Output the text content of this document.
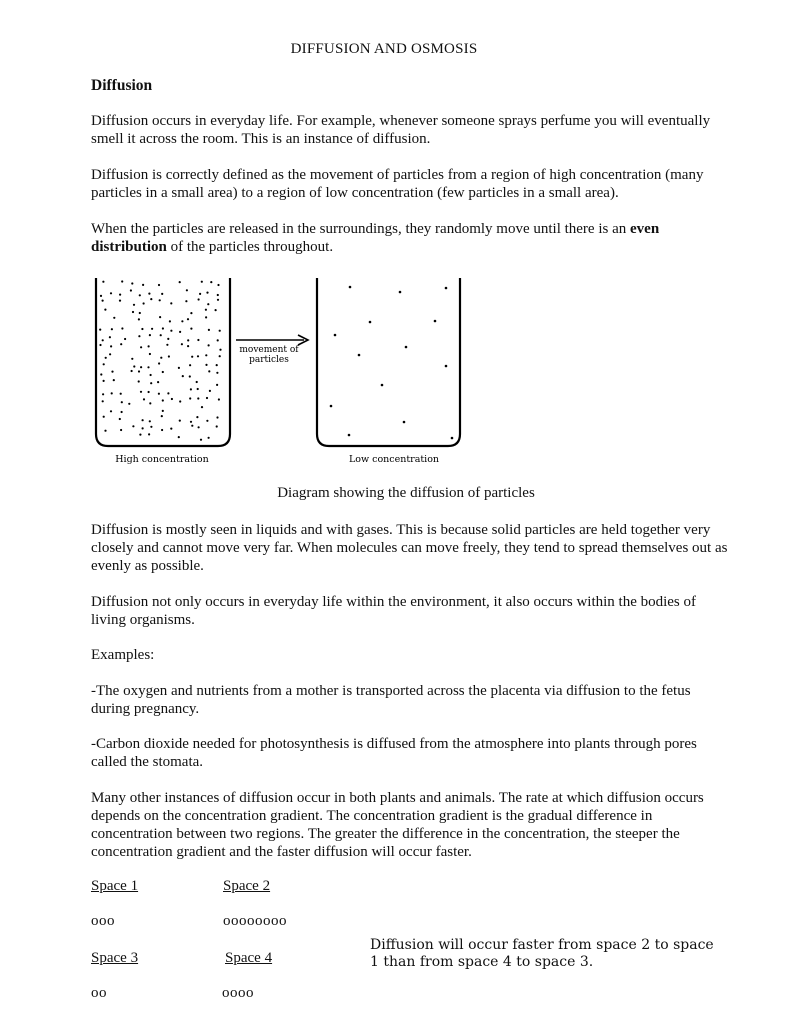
DIFFUSION AND OSMOSIS
Diffusion

Diffusion occurs in everyday life. For example, whenever someone sprays perfume you will eventually smell it across the room. This is an instance of diffusion.

Diffusion is correctly defined as the movement of particles from a region of high concentration (many particles in a small area) to a region of low concentration (few particles in a small area).

When the particles are released in the surroundings, they randomly move until there is an even distribution of the particles throughout.

movement of
particles
High concentration	Low concentration

Diagram showing the diffusion of particles

Diffusion is mostly seen in liquids and with gases. This is because solid particles are held together very closely and cannot move very far. When molecules can move freely, they tend to spread themselves out as evenly as possible.

Diffusion not only occurs in everyday life within the environment, it also occurs within the bodies of living organisms.

Examples:

-The oxygen and nutrients from a mother is transported across the placenta via diffusion to the fetus during pregnancy.

-Carbon dioxide needed for photosynthesis is diffused from the atmosphere into plants through pores called the stomata.

Many other instances of diffusion occur in both plants and animals. The rate at which diffusion occurs depends on the concentration gradient. The concentration gradient is the gradual difference in concentration between two regions. The greater the difference in the concentration, the steeper the concentration gradient and the faster diffusion will occur faster.

Space 1	Space 2
ooo	oooooooo
Space 3	Space 4
oo	oooo
Diffusion will occur faster from space 2 to space 1 than from space 4 to space 3.
